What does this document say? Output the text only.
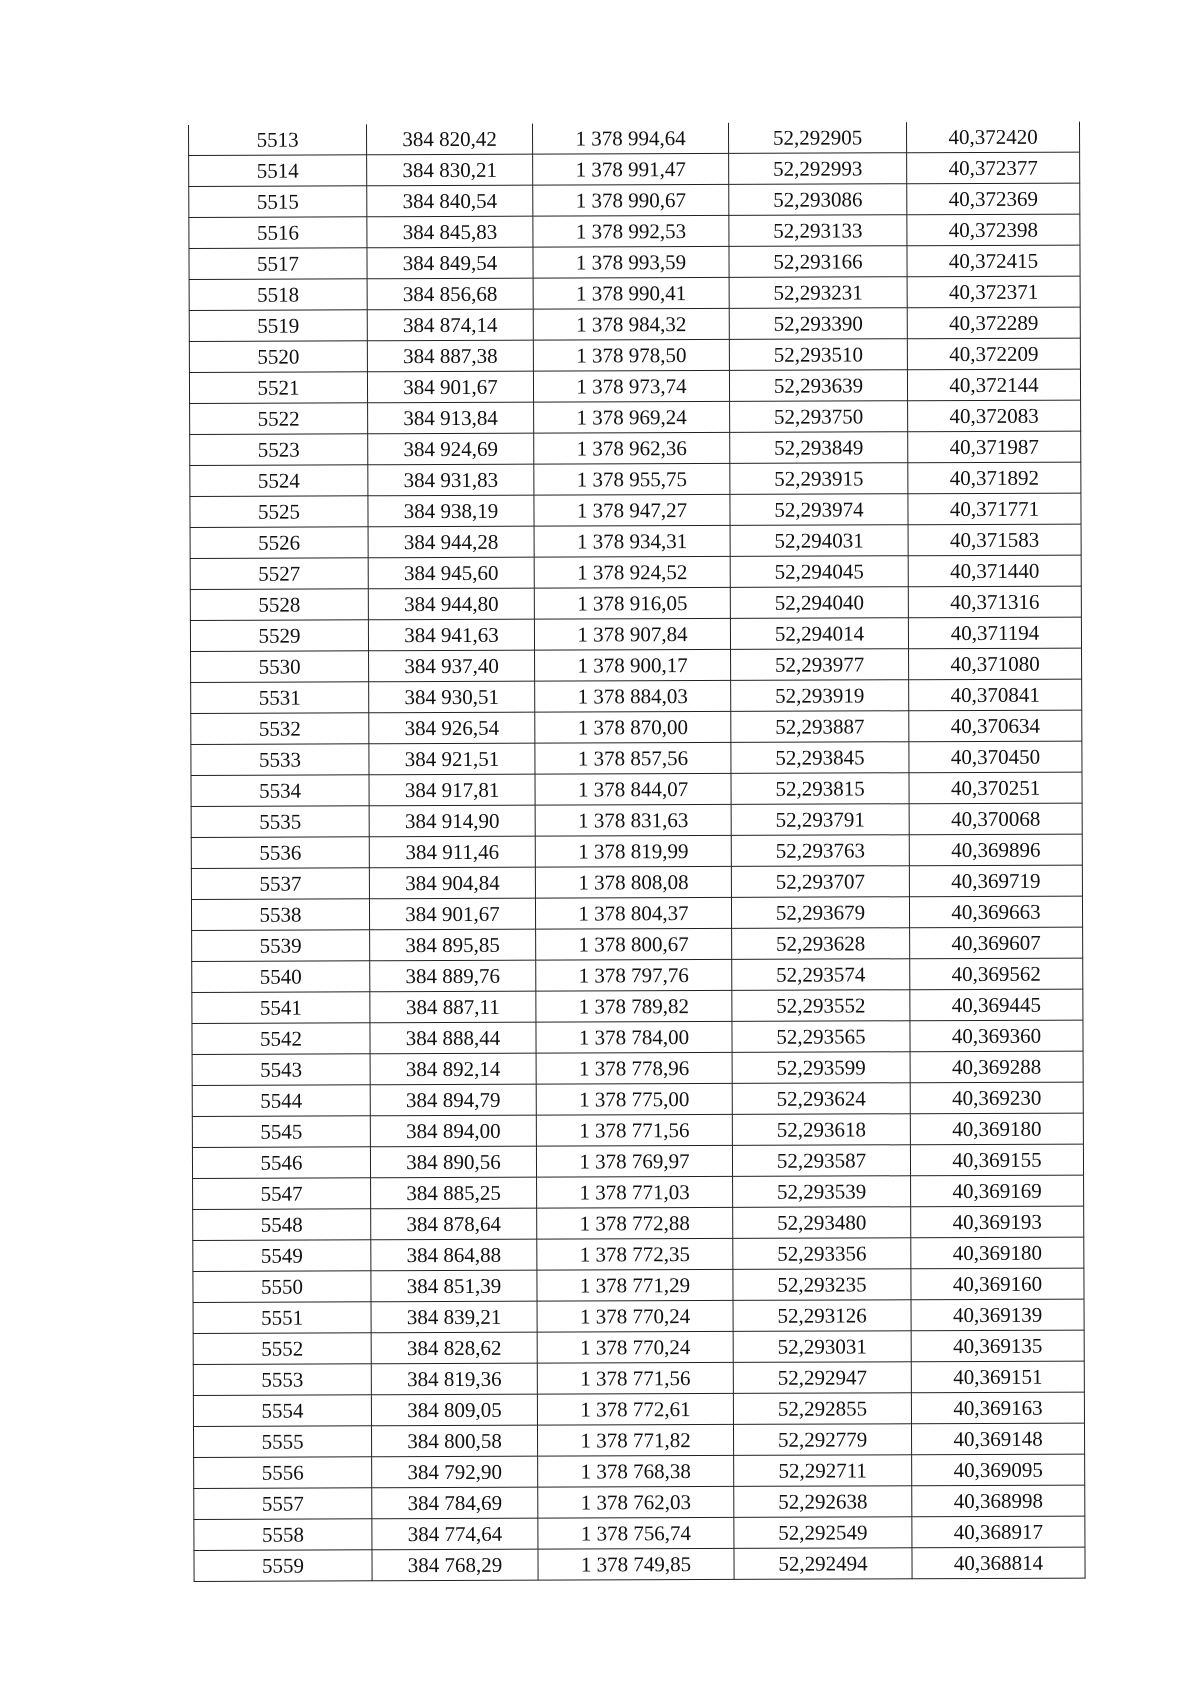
5513	384 820,42	1 378 994,64	52,292905	40,372420
5514	384 830,21	1 378 991,47	52,292993	40,372377
5515	384 840,54	1 378 990,67	52,293086	40,372369
5516	384 845,83	1 378 992,53	52,293133	40,372398
5517	384 849,54	1 378 993,59	52,293166	40,372415
5518	384 856,68	1 378 990,41	52,293231	40,372371
5519	384 874,14	1 378 984,32	52,293390	40,372289
5520	384 887,38	1 378 978,50	52,293510	40,372209
5521	384 901,67	1 378 973,74	52,293639	40,372144
5522	384 913,84	1 378 969,24	52,293750	40,372083
5523	384 924,69	1 378 962,36	52,293849	40,371987
5524	384 931,83	1 378 955,75	52,293915	40,371892
5525	384 938,19	1 378 947,27	52,293974	40,371771
5526	384 944,28	1 378 934,31	52,294031	40,371583
5527	384 945,60	1 378 924,52	52,294045	40,371440
5528	384 944,80	1 378 916,05	52,294040	40,371316
5529	384 941,63	1 378 907,84	52,294014	40,371194
5530	384 937,40	1 378 900,17	52,293977	40,371080
5531	384 930,51	1 378 884,03	52,293919	40,370841
5532	384 926,54	1 378 870,00	52,293887	40,370634
5533	384 921,51	1 378 857,56	52,293845	40,370450
5534	384 917,81	1 378 844,07	52,293815	40,370251
5535	384 914,90	1 378 831,63	52,293791	40,370068
5536	384 911,46	1 378 819,99	52,293763	40,369896
5537	384 904,84	1 378 808,08	52,293707	40,369719
5538	384 901,67	1 378 804,37	52,293679	40,369663
5539	384 895,85	1 378 800,67	52,293628	40,369607
5540	384 889,76	1 378 797,76	52,293574	40,369562
5541	384 887,11	1 378 789,82	52,293552	40,369445
5542	384 888,44	1 378 784,00	52,293565	40,369360
5543	384 892,14	1 378 778,96	52,293599	40,369288
5544	384 894,79	1 378 775,00	52,293624	40,369230
5545	384 894,00	1 378 771,56	52,293618	40,369180
5546	384 890,56	1 378 769,97	52,293587	40,369155
5547	384 885,25	1 378 771,03	52,293539	40,369169
5548	384 878,64	1 378 772,88	52,293480	40,369193
5549	384 864,88	1 378 772,35	52,293356	40,369180
5550	384 851,39	1 378 771,29	52,293235	40,369160
5551	384 839,21	1 378 770,24	52,293126	40,369139
5552	384 828,62	1 378 770,24	52,293031	40,369135
5553	384 819,36	1 378 771,56	52,292947	40,369151
5554	384 809,05	1 378 772,61	52,292855	40,369163
5555	384 800,58	1 378 771,82	52,292779	40,369148
5556	384 792,90	1 378 768,38	52,292711	40,369095
5557	384 784,69	1 378 762,03	52,292638	40,368998
5558	384 774,64	1 378 756,74	52,292549	40,368917
5559	384 768,29	1 378 749,85	52,292494	40,368814
